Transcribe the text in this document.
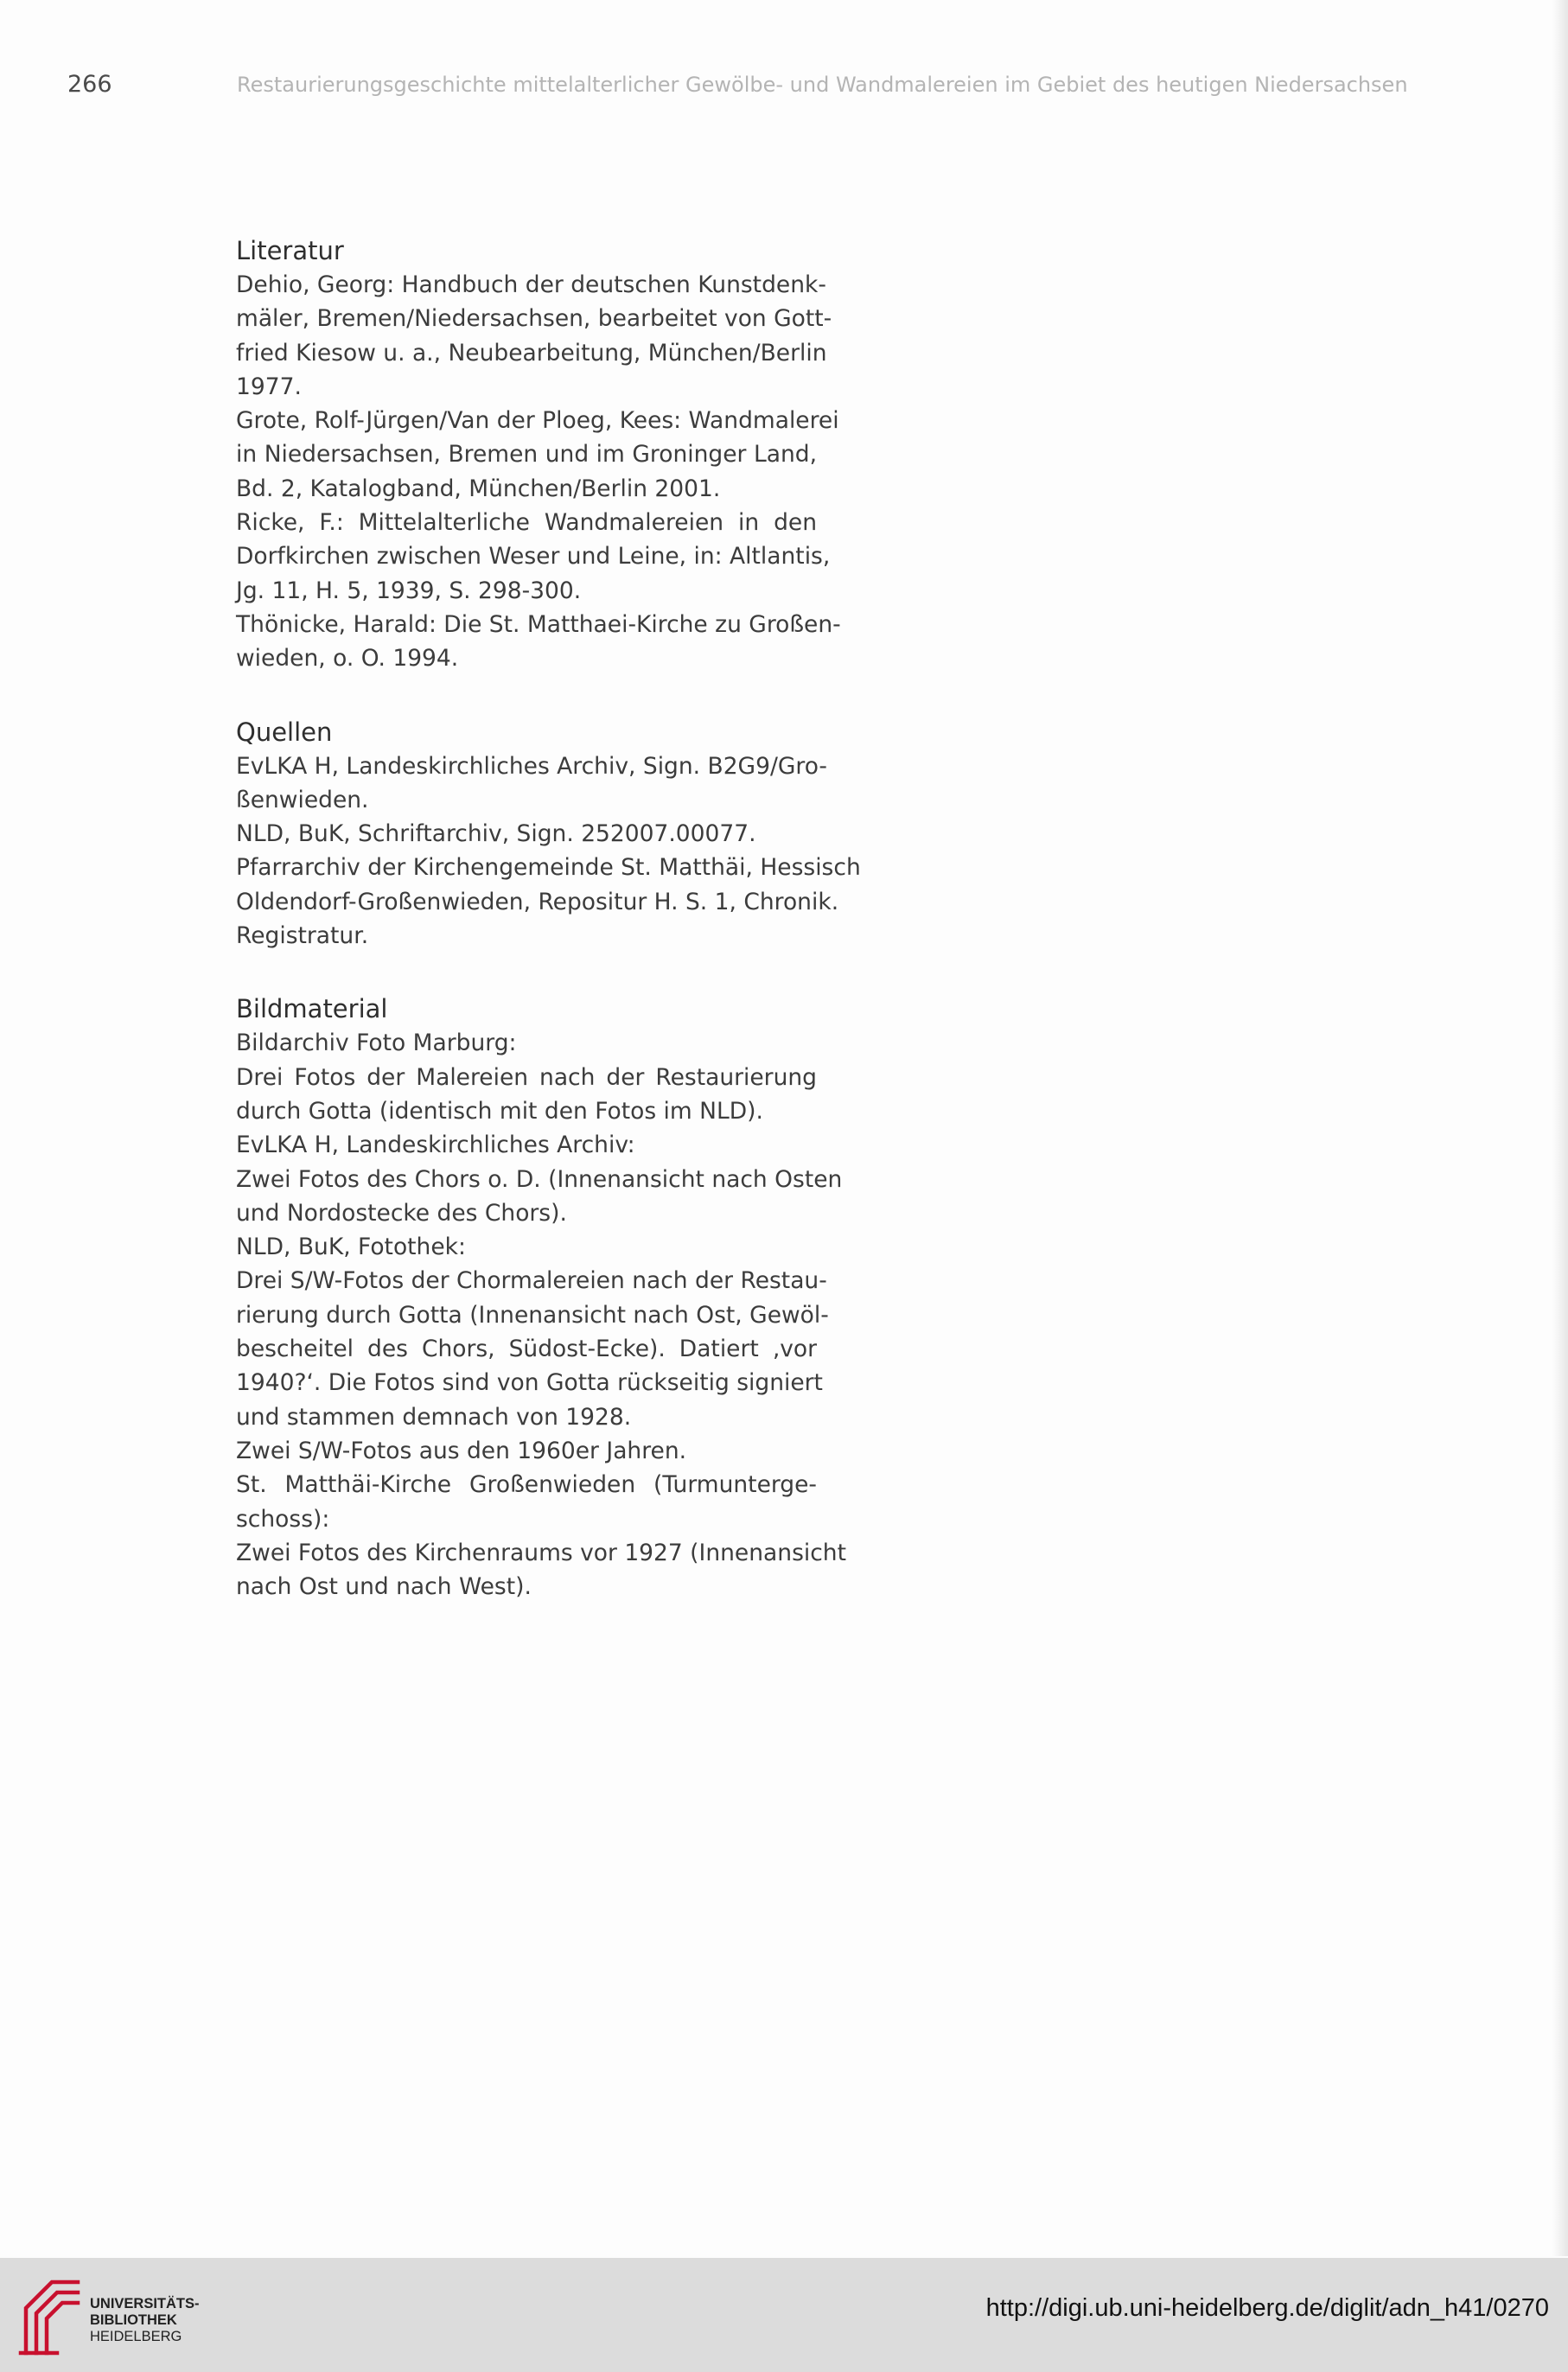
266	Restaurierungsgeschichte mittelalterlicher Gewölbe- und Wandmalereien im Gebiet des heutigen Niedersachsen
Literatur
Dehio, Georg: Handbuch der deutschen Kunstdenk-
mäler, Bremen/Niedersachsen, bearbeitet von Gott-
fried Kiesow u. a., Neubearbeitung, München/Berlin
1977.
Grote, Rolf-Jürgen/Van der Ploeg, Kees: Wandmalerei
in Niedersachsen, Bremen und im Groninger Land,
Bd. 2, Katalogband, München/Berlin 2001.
Ricke, F.: Mittelalterliche Wandmalereien in den
Dorfkirchen zwischen Weser und Leine, in: Altlantis,
Jg. 11, H. 5, 1939, S. 298-300.
Thönicke, Harald: Die St. Matthaei-Kirche zu Großen-
wieden, o. O. 1994.
Quellen
EvLKA H, Landeskirchliches Archiv, Sign. B2G9/Gro-
ßenwieden.
NLD, BuK, Schriftarchiv, Sign. 252007.00077.
Pfarrarchiv der Kirchengemeinde St. Matthäi, Hessisch
Oldendorf-Großenwieden, Repositur H. S. 1, Chronik.
Registratur.
Bildmaterial
Bildarchiv Foto Marburg:
Drei Fotos der Malereien nach der Restaurierung
durch Gotta (identisch mit den Fotos im NLD).
EvLKA H, Landeskirchliches Archiv:
Zwei Fotos des Chors o. D. (Innenansicht nach Osten
und Nordostecke des Chors).
NLD, BuK, Fotothek:
Drei S/W-Fotos der Chormalereien nach der Restau-
rierung durch Gotta (Innenansicht nach Ost, Gewöl-
bescheitel des Chors, Südost-Ecke). Datiert ‚vor
1940?‘. Die Fotos sind von Gotta rückseitig signiert
und stammen demnach von 1928.
Zwei S/W-Fotos aus den 1960er Jahren.
St. Matthäi-Kirche Großenwieden (Turmunterge-
schoss):
Zwei Fotos des Kirchenraums vor 1927 (Innenansicht
nach Ost und nach West).
UNIVERSITÄTS-
BIBLIOTHEK
HEIDELBERG
http://digi.ub.uni-heidelberg.de/diglit/adn_h41/0270
